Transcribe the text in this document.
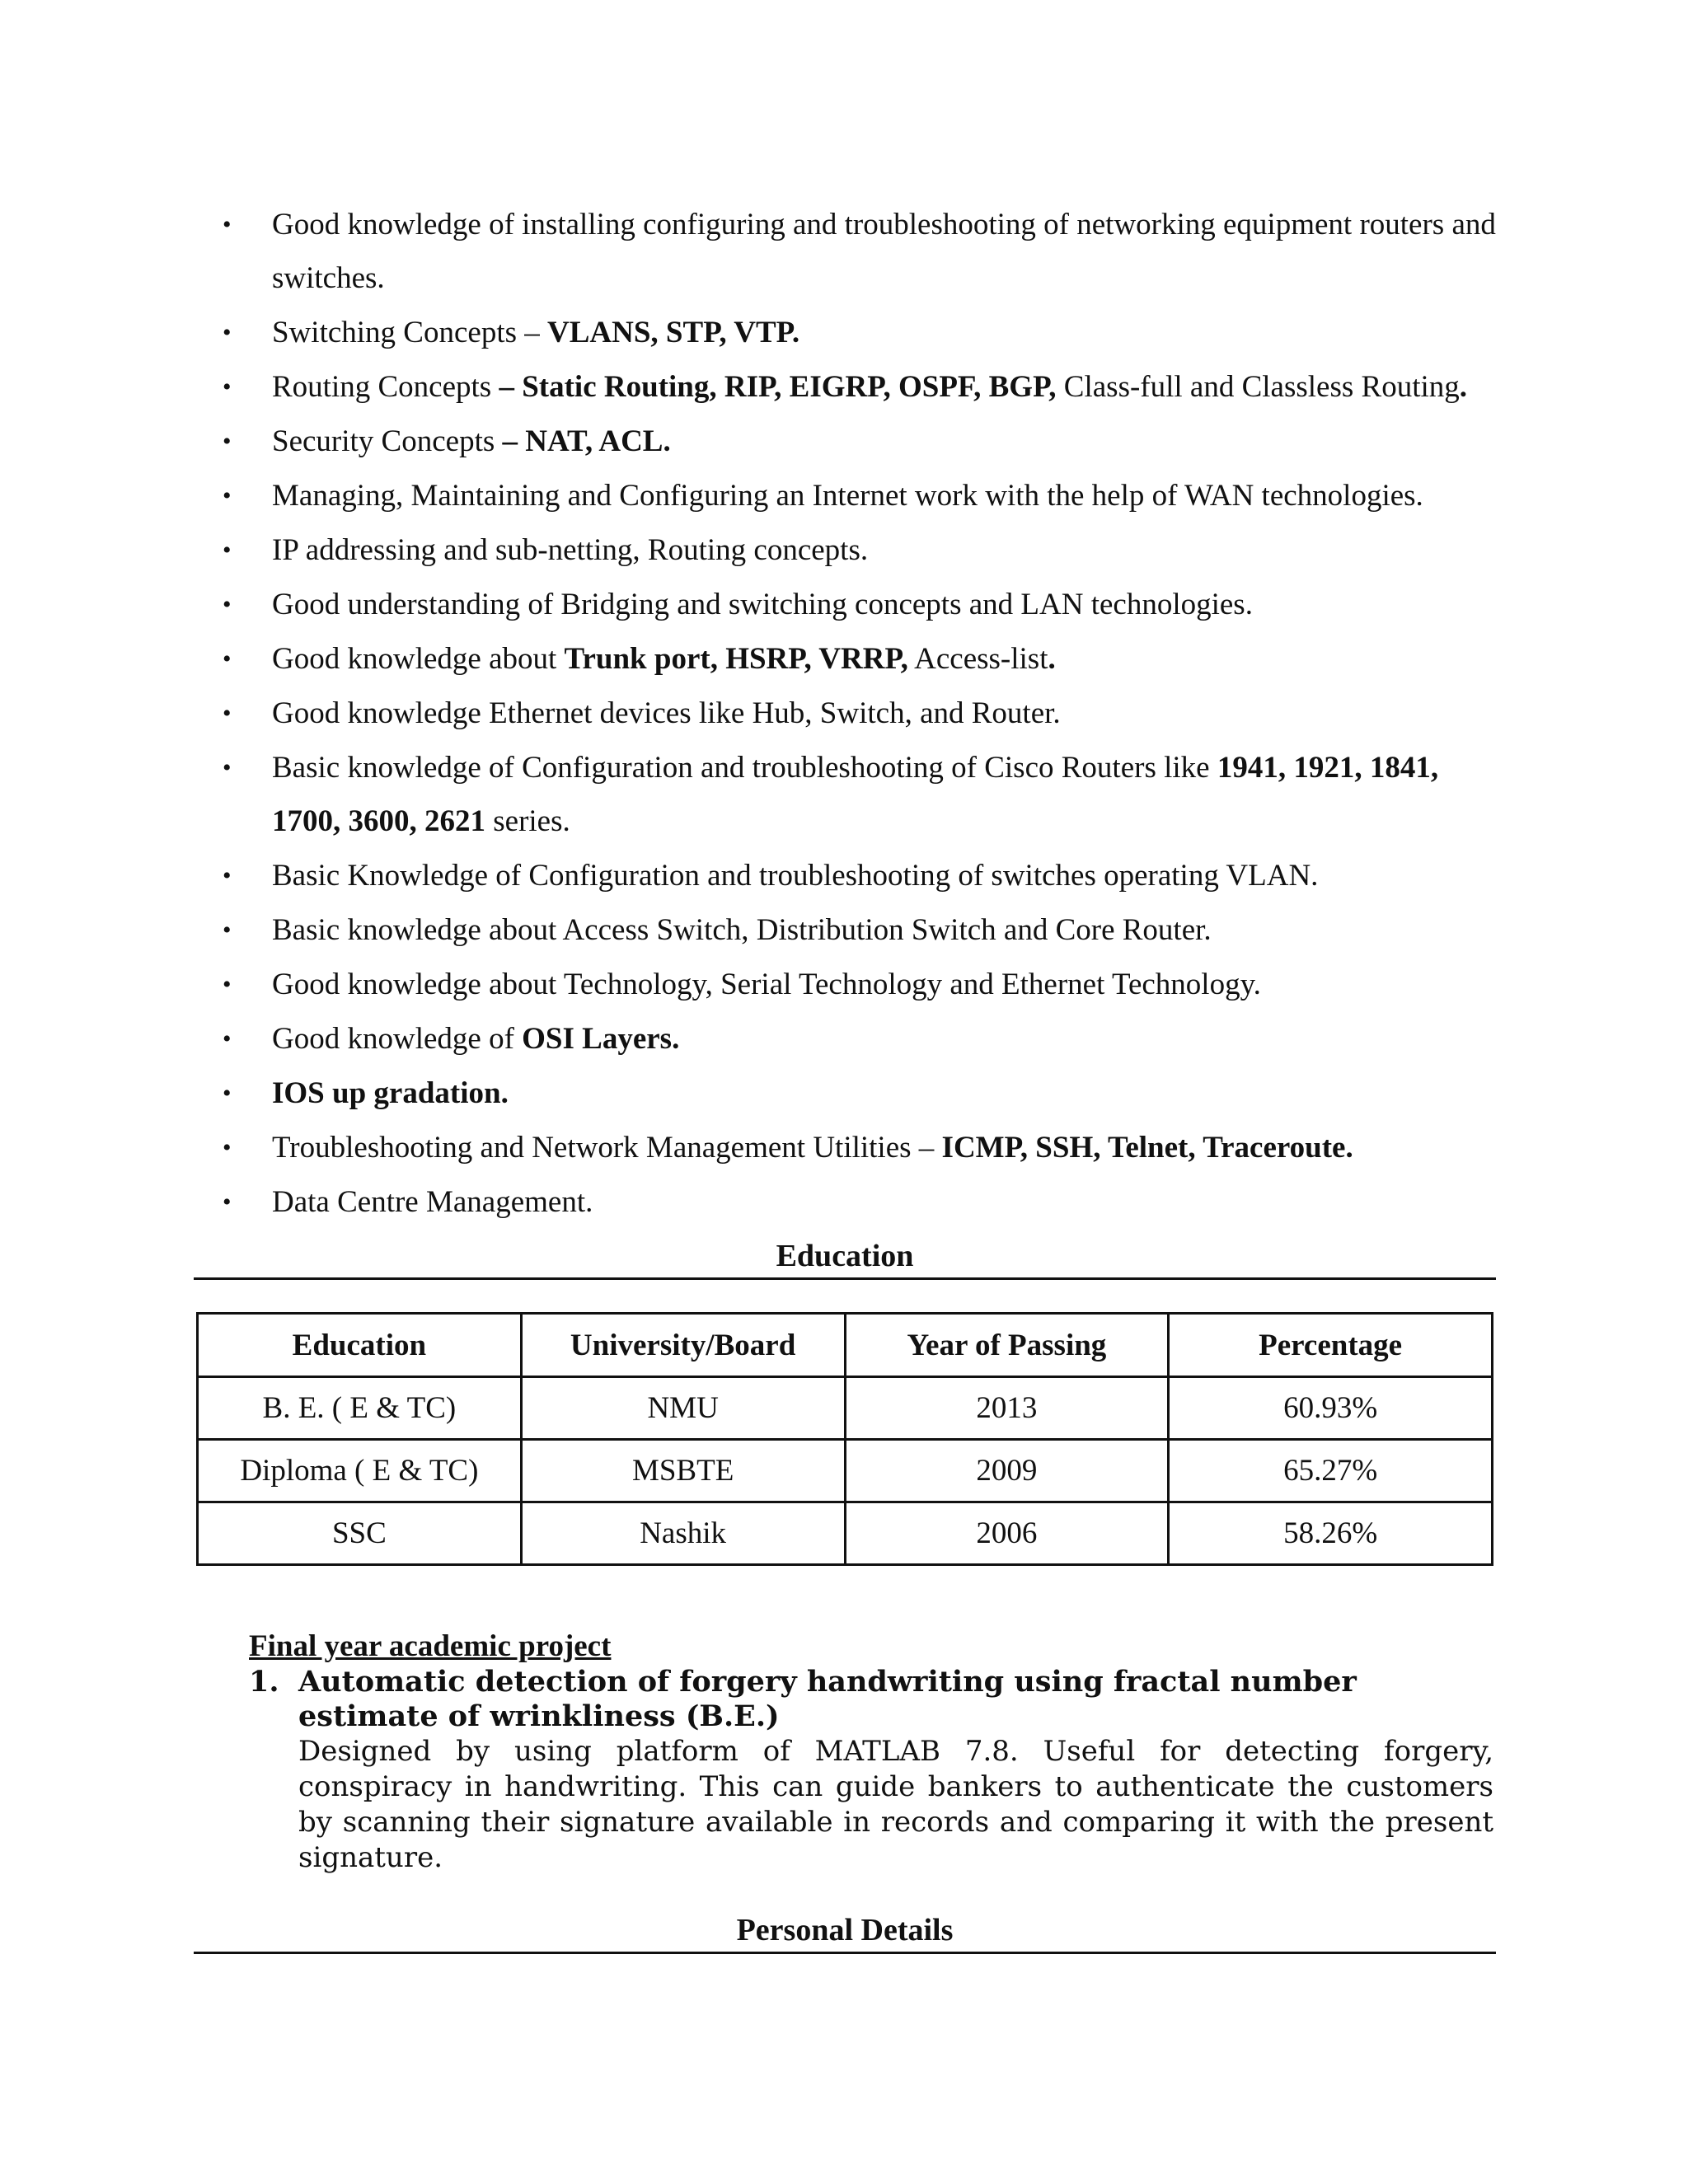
• Good knowledge of installing configuring and troubleshooting of networking equipment routers and switches.
• Switching Concepts – VLANS, STP, VTP.
• Routing Concepts – Static Routing, RIP, EIGRP, OSPF, BGP, Class-full and Classless Routing.
• Security Concepts – NAT, ACL.
• Managing, Maintaining and Configuring an Internet work with the help of WAN technologies.
• IP addressing and sub-netting, Routing concepts.
• Good understanding of Bridging and switching concepts and LAN technologies.
• Good knowledge about Trunk port, HSRP, VRRP, Access-list.
• Good knowledge Ethernet devices like Hub, Switch, and Router.
• Basic knowledge of Configuration and troubleshooting of Cisco Routers like 1941, 1921, 1841, 1700, 3600, 2621 series.
• Basic Knowledge of Configuration and troubleshooting of switches operating VLAN.
• Basic knowledge about Access Switch, Distribution Switch and Core Router.
• Good knowledge about Technology, Serial Technology and Ethernet Technology.
• Good knowledge of OSI Layers.
• IOS up gradation.
• Troubleshooting and Network Management Utilities – ICMP, SSH, Telnet, Traceroute.
• Data Centre Management.
Education
Education	University/Board	Year of Passing	Percentage
B. E. ( E & TC)	NMU	2013	60.93%
Diploma ( E & TC)	MSBTE	2009	65.27%
SSC	Nashik	2006	58.26%
Final year academic project
1. Automatic detection of forgery handwriting using fractal number estimate of wrinkliness (B.E.)
Designed by using platform of MATLAB 7.8. Useful for detecting forgery, conspiracy in handwriting. This can guide bankers to authenticate the customers by scanning their signature available in records and comparing it with the present signature.
Personal Details
